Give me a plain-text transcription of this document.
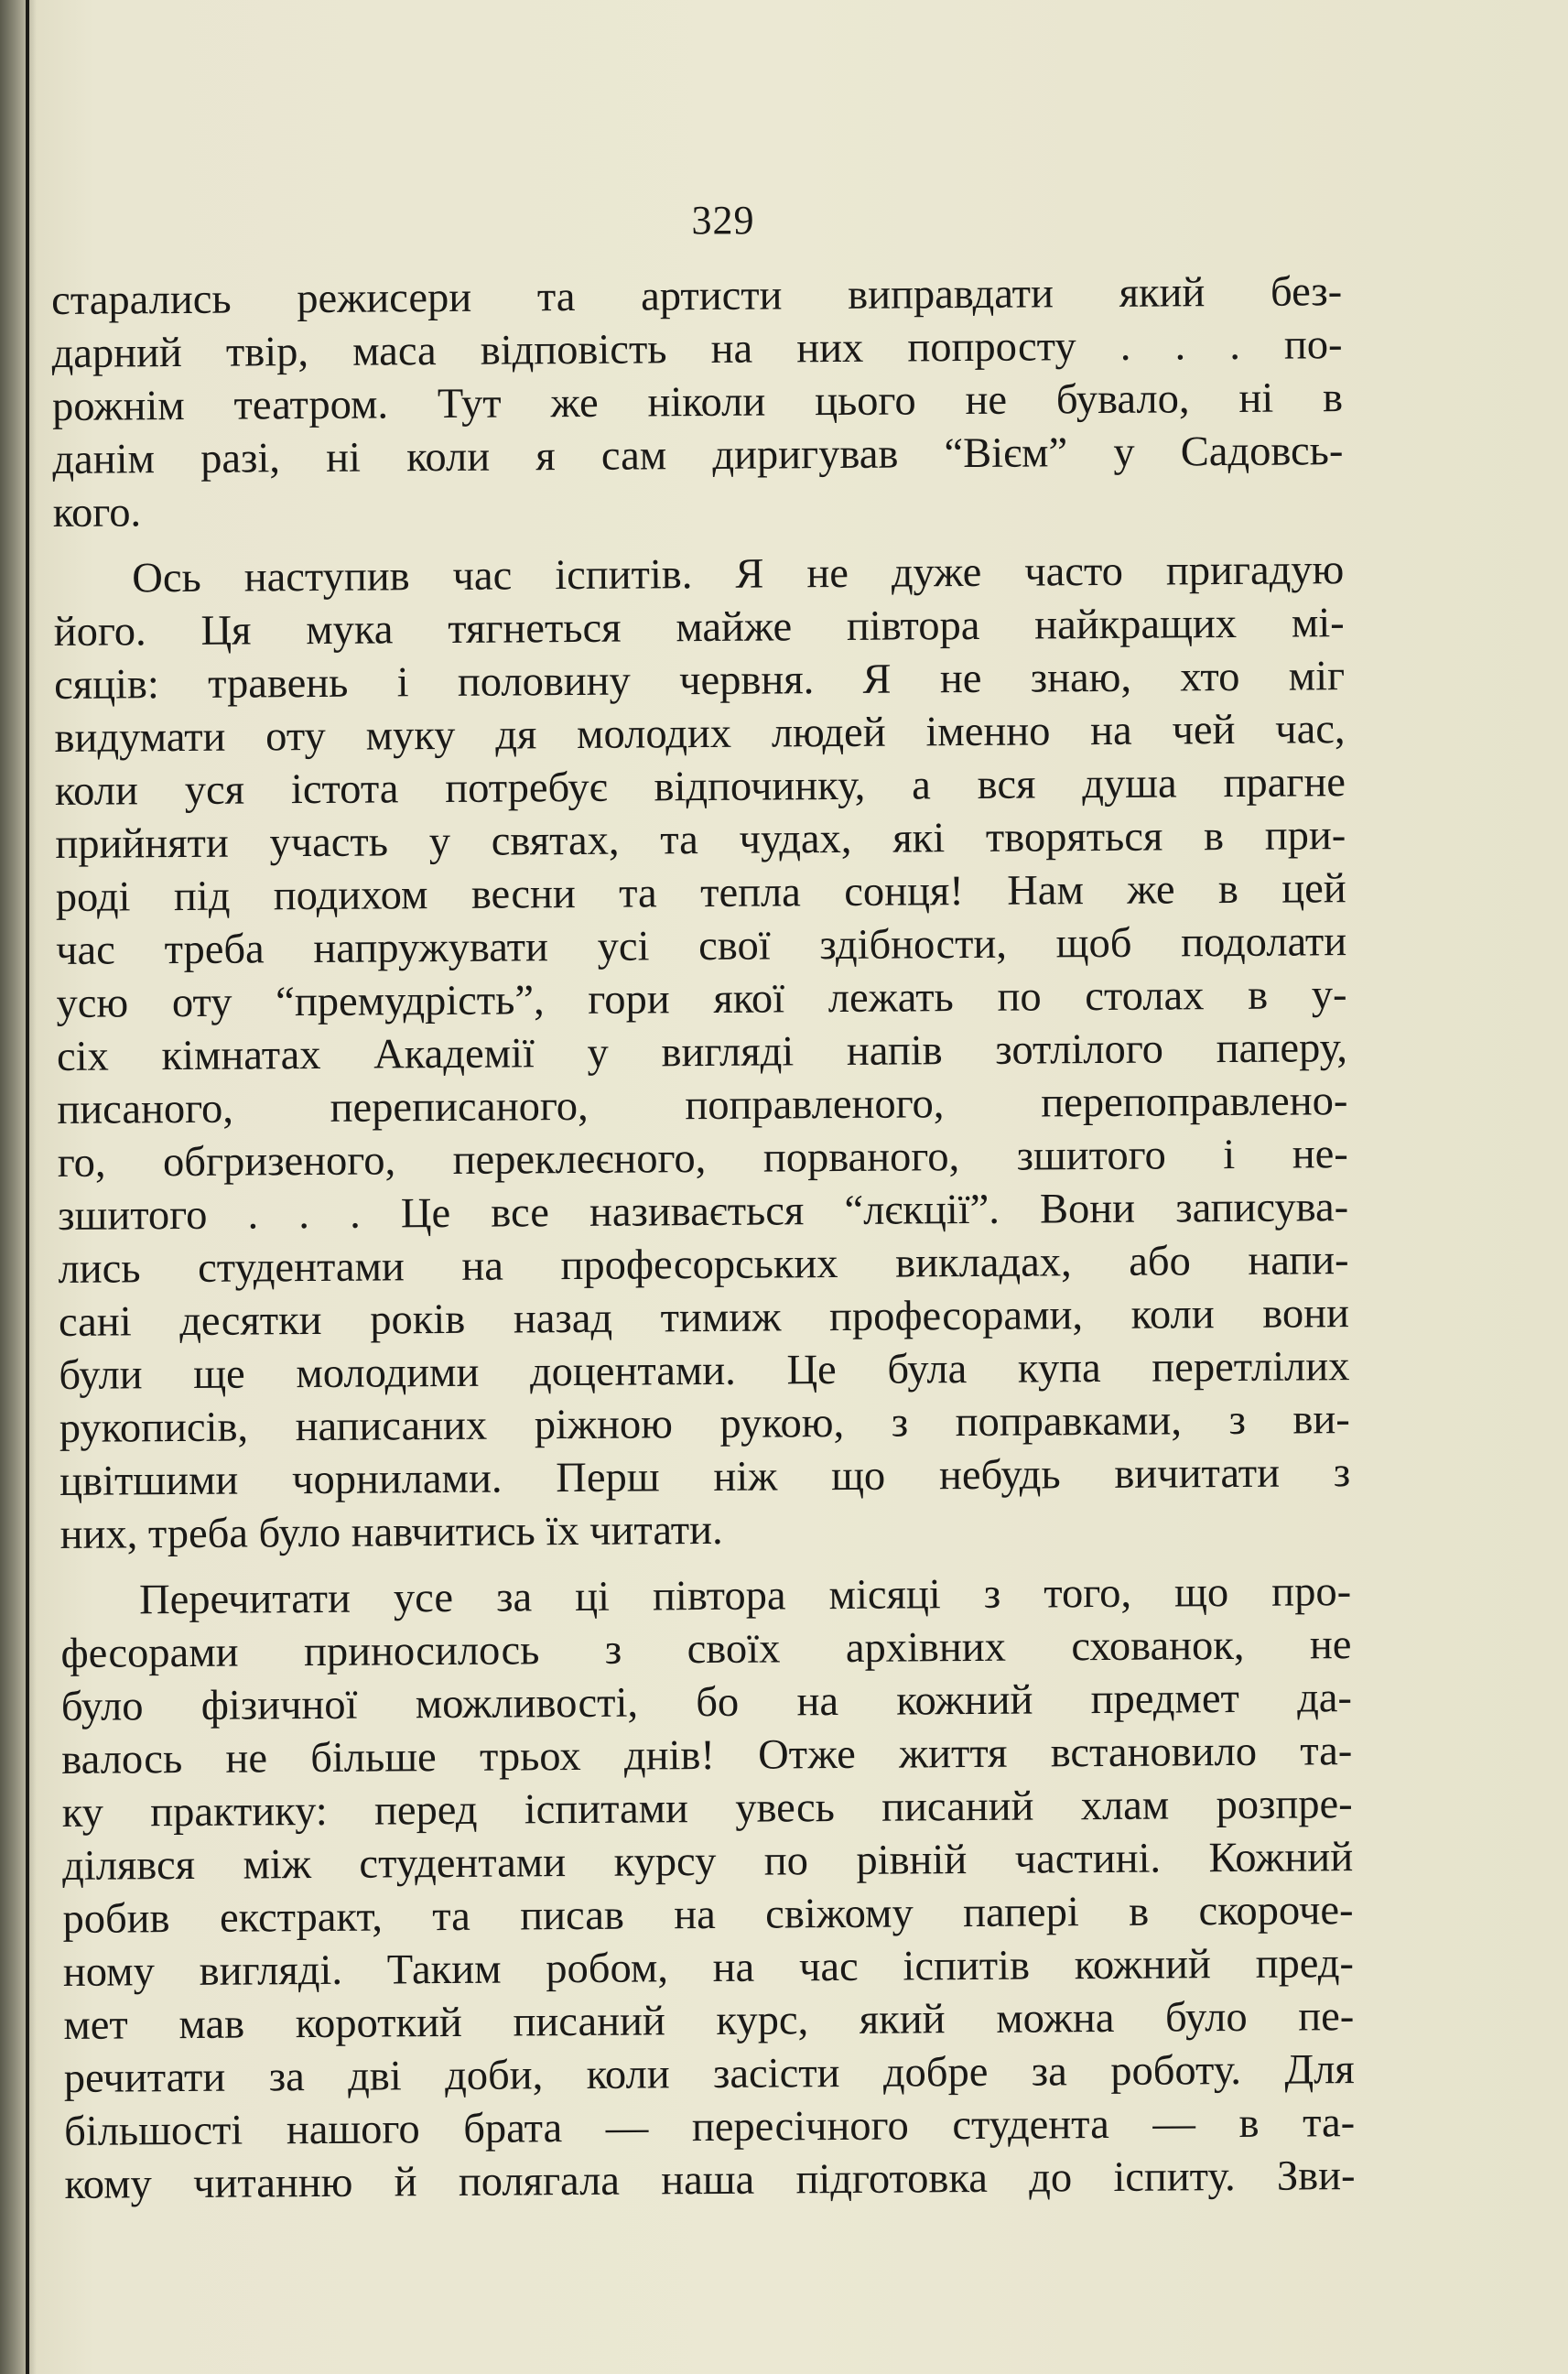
329
старались режисери та артисти виправдати який без-
дарний твір, маса відповість на них попросту . . . по-
рожнім театром. Тут же ніколи цього не бувало, ні в
данім разі, ні коли я сам диригував “Вієм” у Садовсь-
кого.
Ось наступив час іспитів. Я не дуже часто пригадую
його. Ця мука тягнеться майже півтора найкращих мі-
сяців: травень і половину червня. Я не знаю, хто міг
видумати оту муку дя молодих людей іменно на чей час,
коли уся істота потребує відпочинку, а вся душа прагне
прийняти участь у святах, та чудах, які творяться в при-
роді під подихом весни та тепла сонця! Нам же в цей
час треба напружувати усі свої здібности, щоб подолати
усю оту “премудрість”, гори якої лежать по столах в у-
сіх кімнатах Академії у вигляді напів зотлілого паперу,
писаного, переписаного, поправленого, перепоправлено-
го, обгризеного, переклеєного, порваного, зшитого і не-
зшитого . . . Це все називається “лєкції”. Вони записува-
лись студентами на професорських викладах, або напи-
сані десятки років назад тимиж професорами, коли вони
були ще молодими доцентами. Це була купа перетлілих
рукописів, написаних ріжною рукою, з поправками, з ви-
цвітшими чорнилами. Перш ніж що небудь вичитати з
них, треба було навчитись їх читати.
Перечитати усе за ці півтора місяці з того, що про-
фесорами приносилось з своїх архівних схованок, не
було фізичної можливості, бо на кожний предмет да-
валось не більше трьох днів! Отже життя встановило та-
ку практику: перед іспитами увесь писаний хлам розпре-
ділявся між студентами курсу по рівній частині. Кожний
робив екстракт, та писав на свіжому папері в скороче-
ному вигляді. Таким робом, на час іспитів кожний пред-
мет мав короткий писаний курс, який можна було пе-
речитати за дві доби, коли засісти добре за роботу. Для
більшості нашого брата — пересічного студента — в та-
кому читанню й полягала наша підготовка до іспиту. Зви-
